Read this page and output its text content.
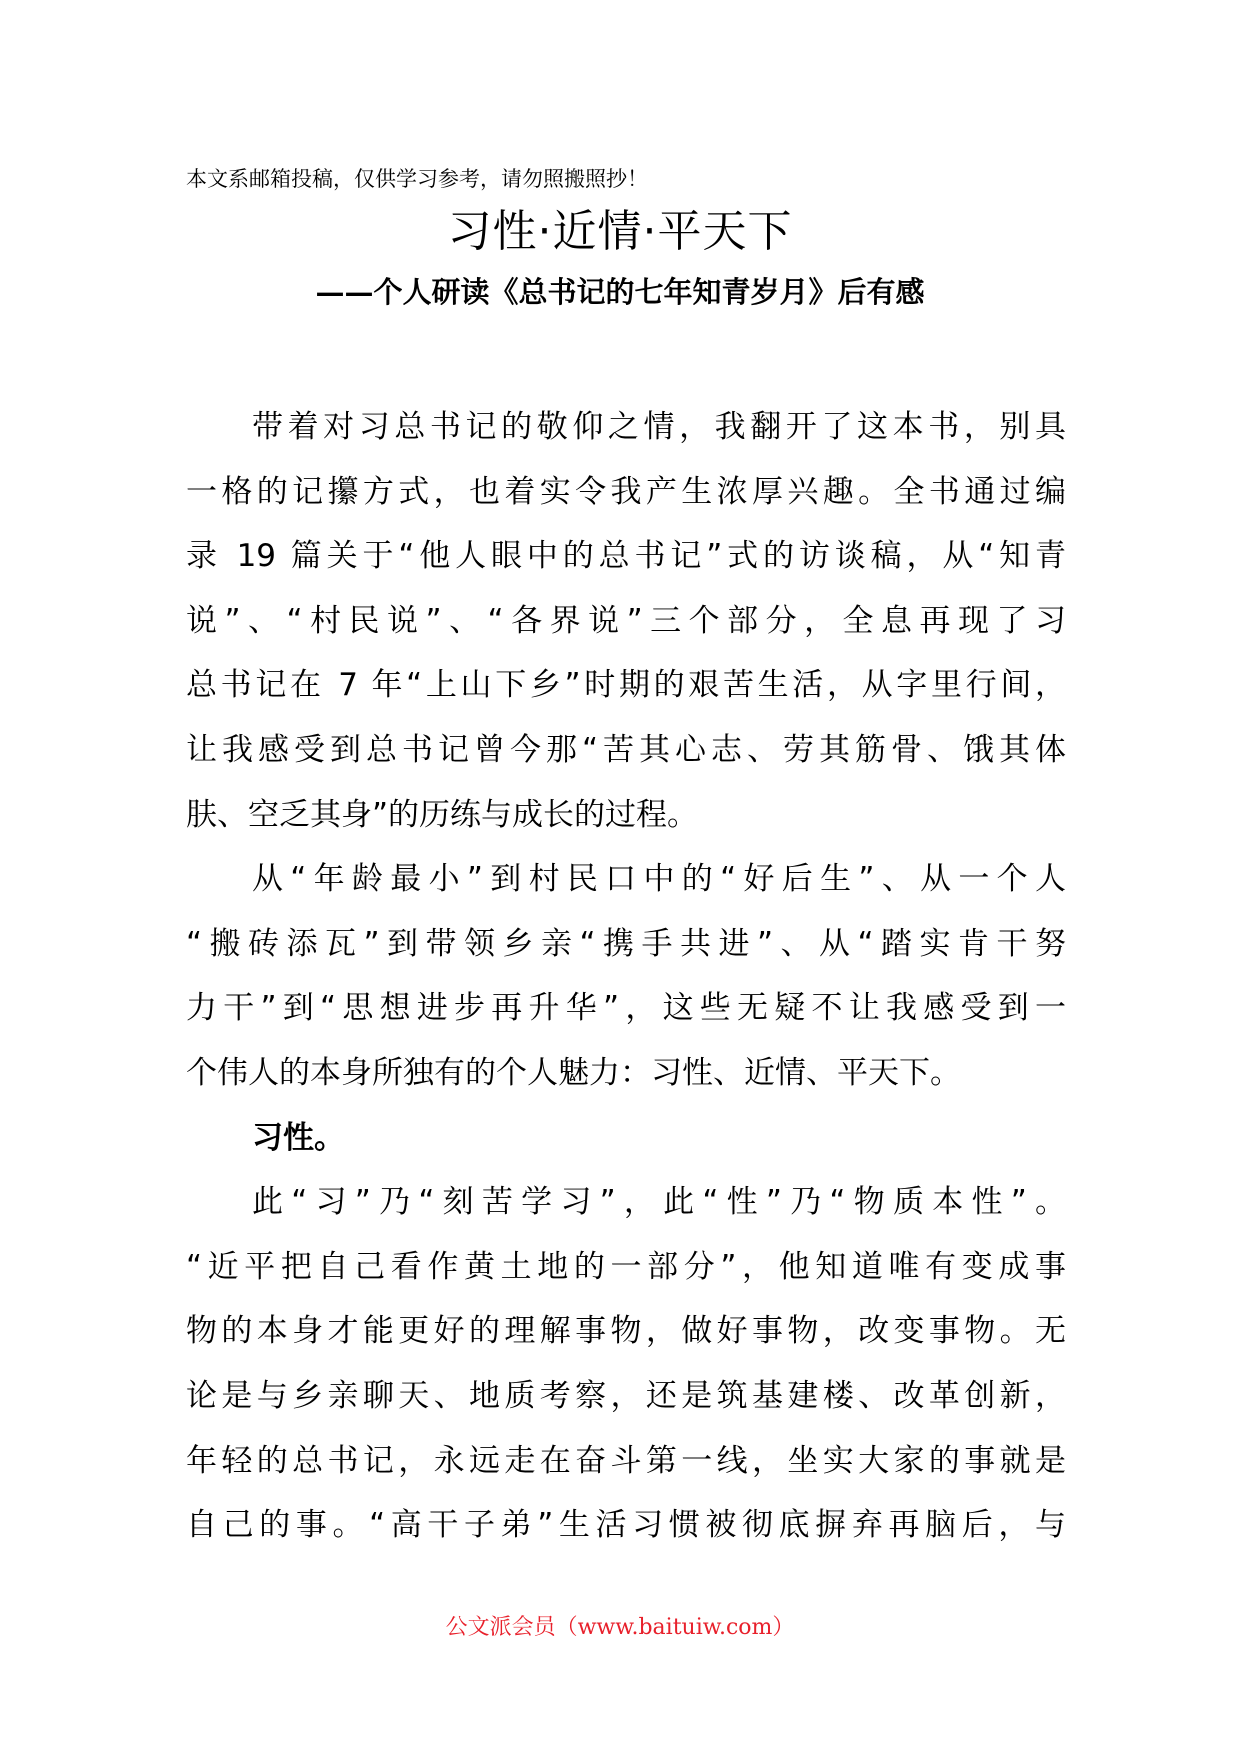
本文系邮箱投稿，仅供学习参考，请勿照搬照抄！
习性·近情·平天下
——个人研读《总书记的七年知青岁月》后有感
带着对习总书记的敬仰之情，我翻开了这本书，别具
一格的记攥方式，也着实令我产生浓厚兴趣。全书通过编
录 19 篇关于“他人眼中的总书记”式的访谈稿，从“知青
说”、“村民说”、“各界说”三个部分，全息再现了习
总书记在 7 年“上山下乡”时期的艰苦生活，从字里行间，
让我感受到总书记曾今那“苦其心志、劳其筋骨、饿其体
肤、空乏其身”的历练与成长的过程。
从“年龄最小”到村民口中的“好后生”、从一个人
“搬砖添瓦”到带领乡亲“携手共进”、从“踏实肯干努
力干”到“思想进步再升华”，这些无疑不让我感受到一
个伟人的本身所独有的个人魅力：习性、近情、平天下。
习性。
此“习”乃“刻苦学习”，此“性”乃“物质本性”。
“近平把自己看作黄土地的一部分”，他知道唯有变成事
物的本身才能更好的理解事物，做好事物，改变事物。无
论是与乡亲聊天、地质考察，还是筑基建楼、改革创新，
年轻的总书记，永远走在奋斗第一线，坐实大家的事就是
自己的事。“高干子弟”生活习惯被彻底摒弃再脑后，与
公文派会员（www.baituiw.com）
